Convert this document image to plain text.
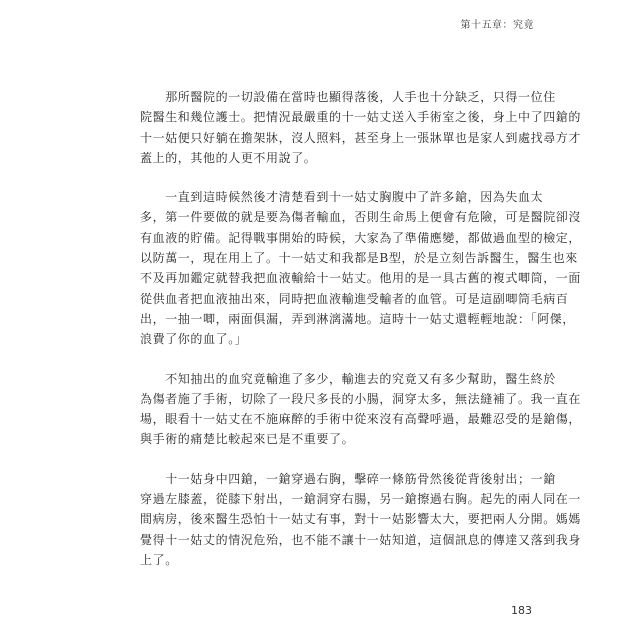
第十五章：究竟
　　那所醫院的一切設備在當時也顯得落後，人手也十分缺乏，只得一位住
院醫生和幾位護士。把情況最嚴重的十一姑丈送入手術室之後，身上中了四鎗的
十一姑便只好躺在擔架牀，沒人照料，甚至身上一張牀單也是家人到處找尋方才
蓋上的，其他的人更不用說了。
　　一直到這時候然後才清楚看到十一姑丈胸腹中了許多鎗，因為失血太
多，第一件要做的就是要為傷者輸血，否則生命馬上便會有危險，可是醫院卻沒
有血液的貯備。記得戰事開始的時候，大家為了準備應變，都做過血型的檢定，
以防萬一，現在用上了。十一姑丈和我都是B型，於是立刻告訴醫生，醫生也來
不及再加鑑定就替我把血液輸給十一姑丈。他用的是一具古舊的複式唧筒，一面
從供血者把血液抽出來，同時把血液輸進受輸者的血管。可是這副唧筒毛病百
出，一抽一唧，兩面俱漏，弄到淋漓滿地。這時十一姑丈還輕輕地說：「阿傑，
浪費了你的血了。」
　　不知抽出的血究竟輸進了多少，輸進去的究竟又有多少幫助，醫生終於
為傷者施了手術，切除了一段尺多長的小腸，洞穿太多，無法縫補了。我一直在
場，眼看十一姑丈在不施麻醉的手術中從來沒有高聲呼過，最難忍受的是鎗傷，
與手術的痛楚比較起來已是不重要了。
　　十一姑身中四鎗，一鎗穿過右胸，擊碎一條筋骨然後從背後射出；一鎗
穿過左膝蓋，從膝下射出，一鎗洞穿右腸，另一鎗擦過右胸。起先的兩人同在一
間病房，後來醫生恐怕十一姑丈有事，對十一姑影響太大，要把兩人分開。媽媽
覺得十一姑丈的情況危殆，也不能不讓十一姑知道，這個訊息的傳達又落到我身
上了。
183
